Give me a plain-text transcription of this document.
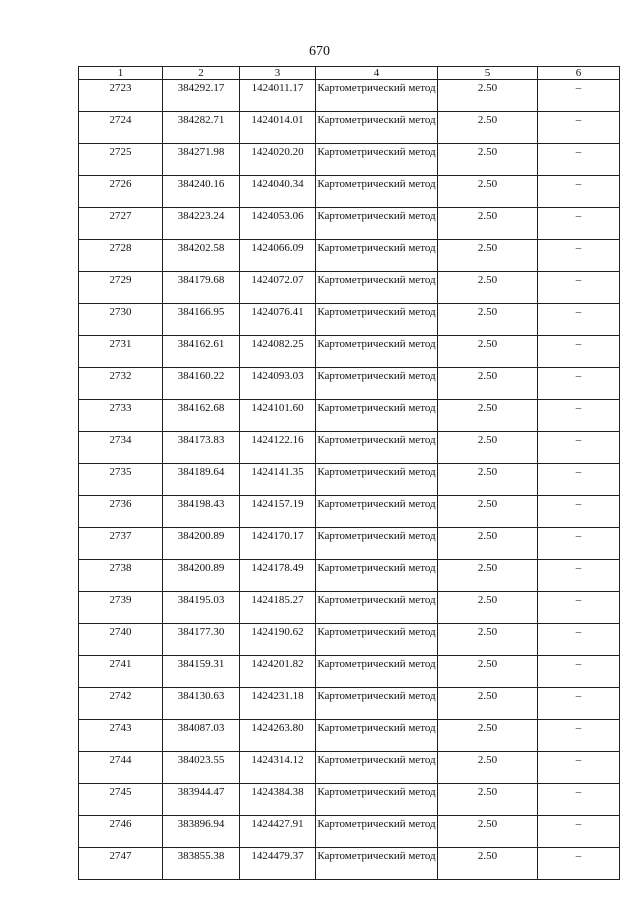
670
1	2	3	4	5	6
2723	384292.17	1424011.17	Картометрический метод	2.50	–
2724	384282.71	1424014.01	Картометрический метод	2.50	–
2725	384271.98	1424020.20	Картометрический метод	2.50	–
2726	384240.16	1424040.34	Картометрический метод	2.50	–
2727	384223.24	1424053.06	Картометрический метод	2.50	–
2728	384202.58	1424066.09	Картометрический метод	2.50	–
2729	384179.68	1424072.07	Картометрический метод	2.50	–
2730	384166.95	1424076.41	Картометрический метод	2.50	–
2731	384162.61	1424082.25	Картометрический метод	2.50	–
2732	384160.22	1424093.03	Картометрический метод	2.50	–
2733	384162.68	1424101.60	Картометрический метод	2.50	–
2734	384173.83	1424122.16	Картометрический метод	2.50	–
2735	384189.64	1424141.35	Картометрический метод	2.50	–
2736	384198.43	1424157.19	Картометрический метод	2.50	–
2737	384200.89	1424170.17	Картометрический метод	2.50	–
2738	384200.89	1424178.49	Картометрический метод	2.50	–
2739	384195.03	1424185.27	Картометрический метод	2.50	–
2740	384177.30	1424190.62	Картометрический метод	2.50	–
2741	384159.31	1424201.82	Картометрический метод	2.50	–
2742	384130.63	1424231.18	Картометрический метод	2.50	–
2743	384087.03	1424263.80	Картометрический метод	2.50	–
2744	384023.55	1424314.12	Картометрический метод	2.50	–
2745	383944.47	1424384.38	Картометрический метод	2.50	–
2746	383896.94	1424427.91	Картометрический метод	2.50	–
2747	383855.38	1424479.37	Картометрический метод	2.50	–
